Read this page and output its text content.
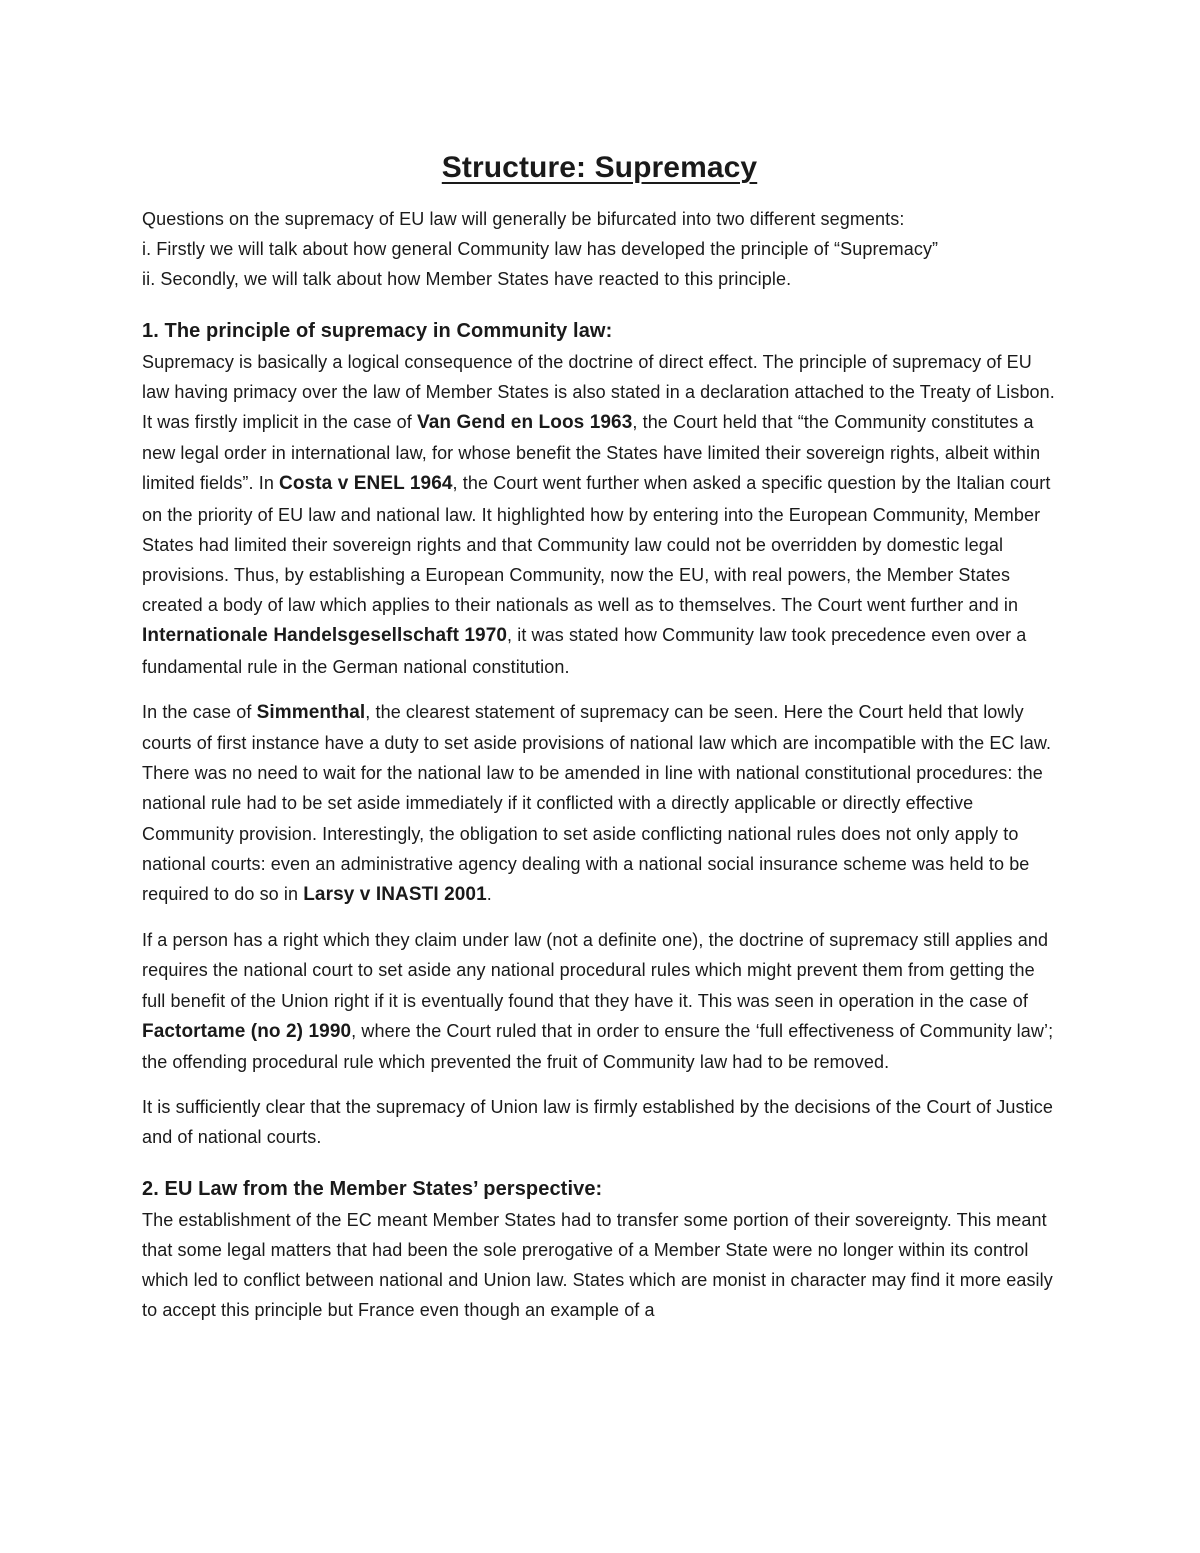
Structure: Supremacy

Questions on the supremacy of EU law will generally be bifurcated into two different segments:
i. Firstly we will talk about how general Community law has developed the principle of “Supremacy”
ii. Secondly, we will talk about how Member States have reacted to this principle.

1. The principle of supremacy in Community law:

Supremacy is basically a logical consequence of the doctrine of direct effect. The principle of supremacy of EU law having primacy over the law of Member States is also stated in a declaration attached to the Treaty of Lisbon. It was firstly implicit in the case of Van Gend en Loos 1963, the Court held that “the Community constitutes a new legal order in international law, for whose benefit the States have limited their sovereign rights, albeit within limited fields”. In Costa v ENEL 1964, the Court went further when asked a specific question by the Italian court on the priority of EU law and national law. It highlighted how by entering into the European Community, Member States had limited their sovereign rights and that Community law could not be overridden by domestic legal provisions. Thus, by establishing a European Community, now the EU, with real powers, the Member States created a body of law which applies to their nationals as well as to themselves. The Court went further and in Internationale Handelsgesellschaft 1970, it was stated how Community law took precedence even over a fundamental rule in the German national constitution.

In the case of Simmenthal, the clearest statement of supremacy can be seen. Here the Court held that lowly courts of first instance have a duty to set aside provisions of national law which are incompatible with the EC law. There was no need to wait for the national law to be amended in line with national constitutional procedures: the national rule had to be set aside immediately if it conflicted with a directly applicable or directly effective Community provision. Interestingly, the obligation to set aside conflicting national rules does not only apply to national courts: even an administrative agency dealing with a national social insurance scheme was held to be required to do so in Larsy v INASTI 2001.

If a person has a right which they claim under law (not a definite one), the doctrine of supremacy still applies and requires the national court to set aside any national procedural rules which might prevent them from getting the full benefit of the Union right if it is eventually found that they have it. This was seen in operation in the case of Factortame (no 2) 1990, where the Court ruled that in order to ensure the ‘full effectiveness of Community law’; the offending procedural rule which prevented the fruit of Community law had to be removed.

It is sufficiently clear that the supremacy of Union law is firmly established by the decisions of the Court of Justice and of national courts.

2. EU Law from the Member States’ perspective:

The establishment of the EC meant Member States had to transfer some portion of their sovereignty. This meant that some legal matters that had been the sole prerogative of a Member State were no longer within its control which led to conflict between national and Union law. States which are monist in character may find it more easily to accept this principle but France even though an example of a
